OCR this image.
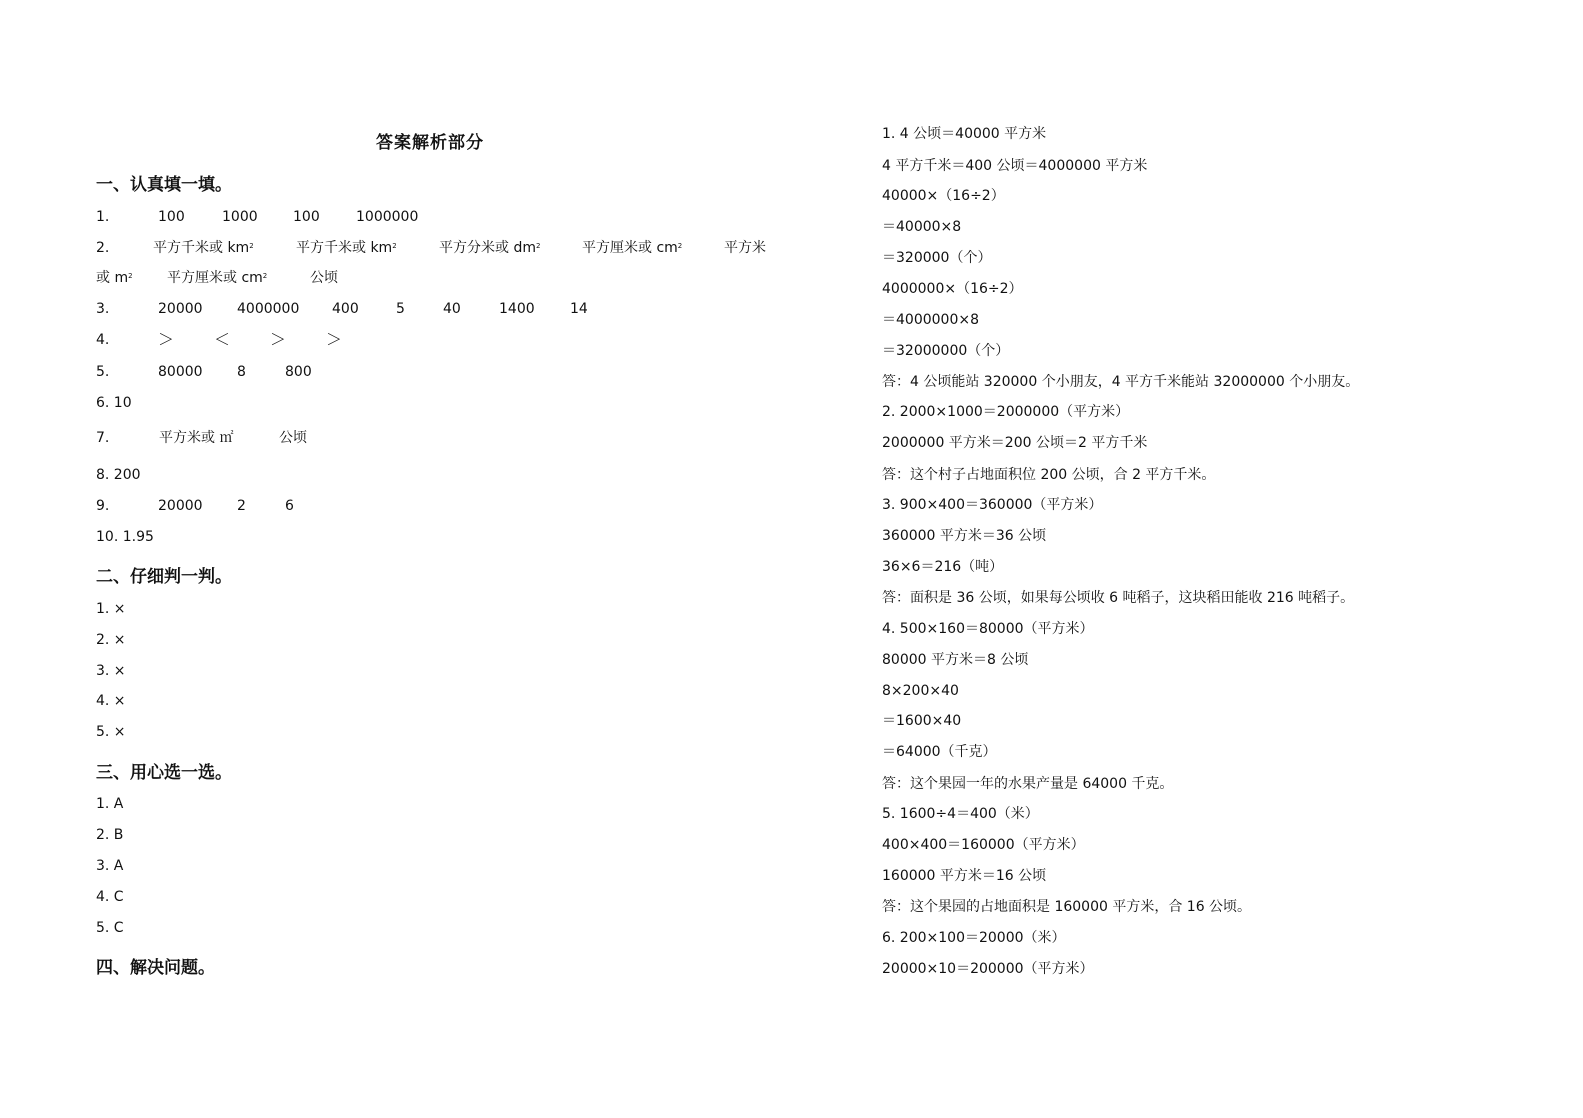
答案解析部分
一、认真填一填。
1.	100	1000	100	1000000
2.	平方千米或 $km^2$	平方千米或 $km^2$	平方分米或 $dm^2$	平方厘米或 $cm^2$	平方米
或 $m^2$ 平方厘米或 $cm^2$	公顷
3.	20000 4000000 400	5	40	1400	14
4.	＞ ＜ ＞ ＞
5.	80000 8	800
6. 10
7.	平方米或 ㎡	公顷
8. 200
9.	20000 2	6
10. 1.95
二、仔细判一判。
1. ×
2. ×
3. ×
4. ×
5. ×
三、用心选一选。
1. A
2. B
3. A
4. C
5. C
四、解决问题。
1. 4 公顷＝40000 平方米
4 平方千米＝400 公顷＝4000000 平方米
40000×（16÷2）
＝40000×8
＝320000（个）
4000000×（16÷2）
＝4000000×8
＝32000000（个）
答：4 公顷能站 320000 个小朋友，4 平方千米能站 32000000 个小朋友。
2. 2000×1000＝2000000（平方米）
2000000 平方米＝200 公顷＝2 平方千米
答：这个村子占地面积位 200 公顷，合 2 平方千米。
3. 900×400＝360000（平方米）
360000 平方米＝36 公顷
36×6＝216（吨）
答：面积是 36 公顷，如果每公顷收 6 吨稻子，这块稻田能收 216 吨稻子。
4. 500×160＝80000（平方米）
80000 平方米＝8 公顷
8×200×40
＝1600×40
＝64000（千克）
答：这个果园一年的水果产量是 64000 千克。
5. 1600÷4＝400（米）
400×400＝160000（平方米）
160000 平方米＝16 公顷
答：这个果园的占地面积是 160000 平方米，合 16 公顷。
6. 200×100＝20000（米）
20000×10＝200000（平方米）
